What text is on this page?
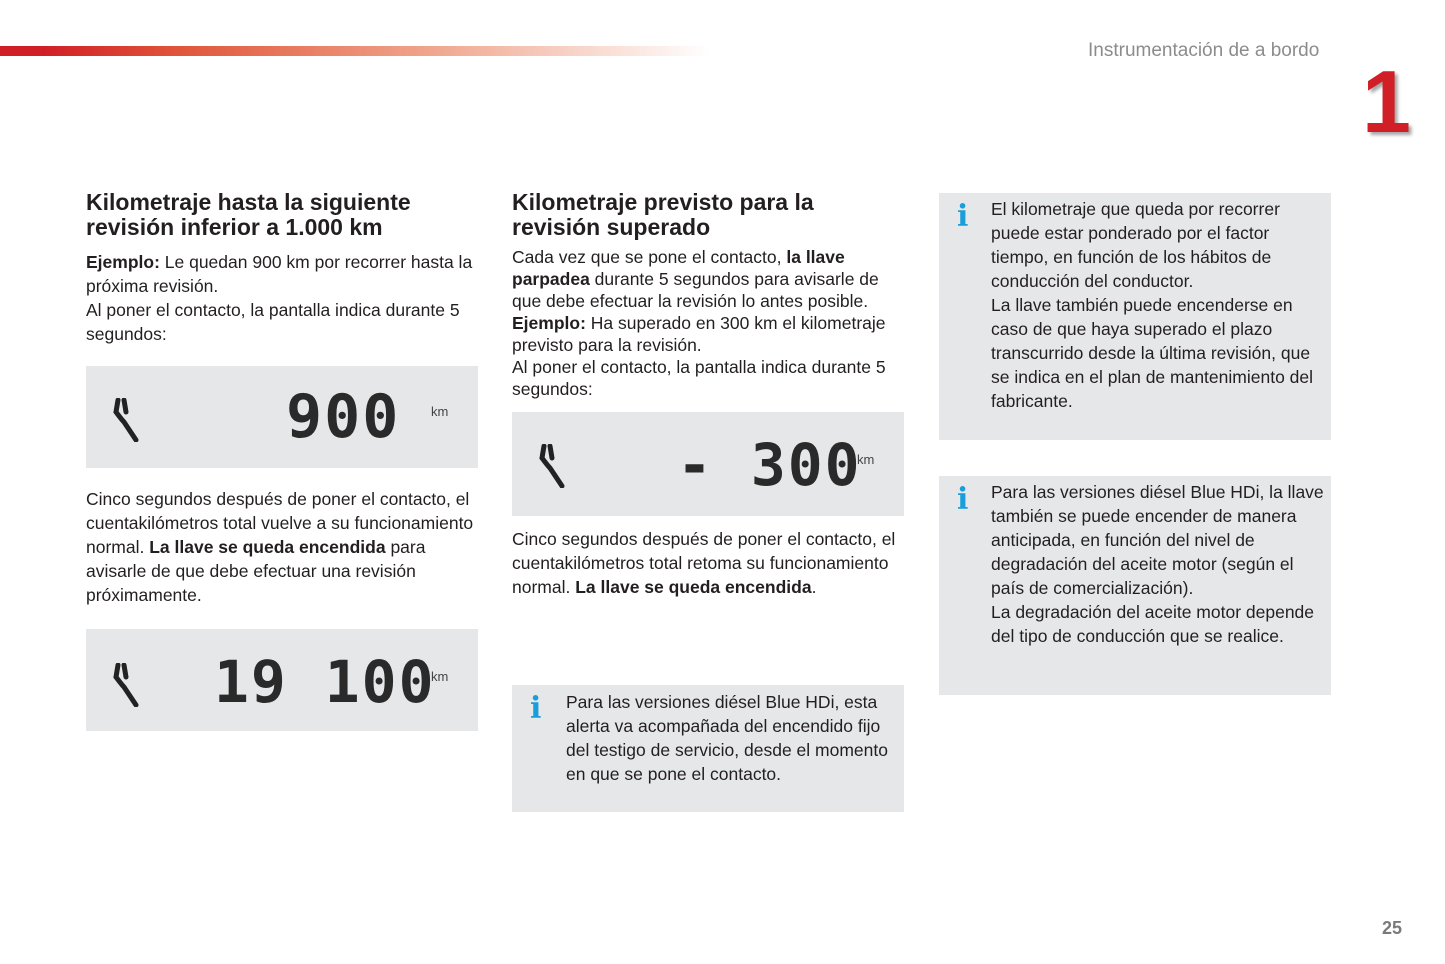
Instrumentación de a bordo
1
Kilometraje hasta la siguiente
revisión inferior a 1.000 km

Ejemplo: Le quedan 900 km por recorrer hasta la próxima revisión.

Al poner el contacto, la pantalla indica durante 5 segundos:

900 km

Cinco segundos después de poner el contacto, el cuentakilómetros total vuelve a su funcionamiento normal. La llave se queda encendida para avisarle de que debe efectuar una revisión próximamente.

19 100
km
Kilometraje previsto para la
revisión superado

Cada vez que se pone el contacto, la llave parpadea durante 5 segundos para avisarle de que debe efectuar la revisión lo antes posible.

Ejemplo: Ha superado en 300 km el kilometraje previsto para la revisión.

Al poner el contacto, la pantalla indica durante 5 segundos:

- 300
km

Cinco segundos después de poner el contacto, el cuentakilómetros total retoma su funcionamiento normal. La llave se queda encendida.

i Para las versiones diésel Blue HDi, esta alerta va acompañada del encendido fijo del testigo de servicio, desde el momento en que se pone el contacto.

i El kilometraje que queda por recorrer puede estar ponderado por el factor tiempo, en función de los hábitos de conducción del conductor.

La llave también puede encenderse en caso de que haya superado el plazo transcurrido desde la última revisión, que se indica en el plan de mantenimiento del fabricante.

i Para las versiones diésel Blue HDi, la llave también se puede encender de manera anticipada, en función del nivel de degradación del aceite motor (según el país de comercialización).

La degradación del aceite motor depende del tipo de conducción que se realice.

25
